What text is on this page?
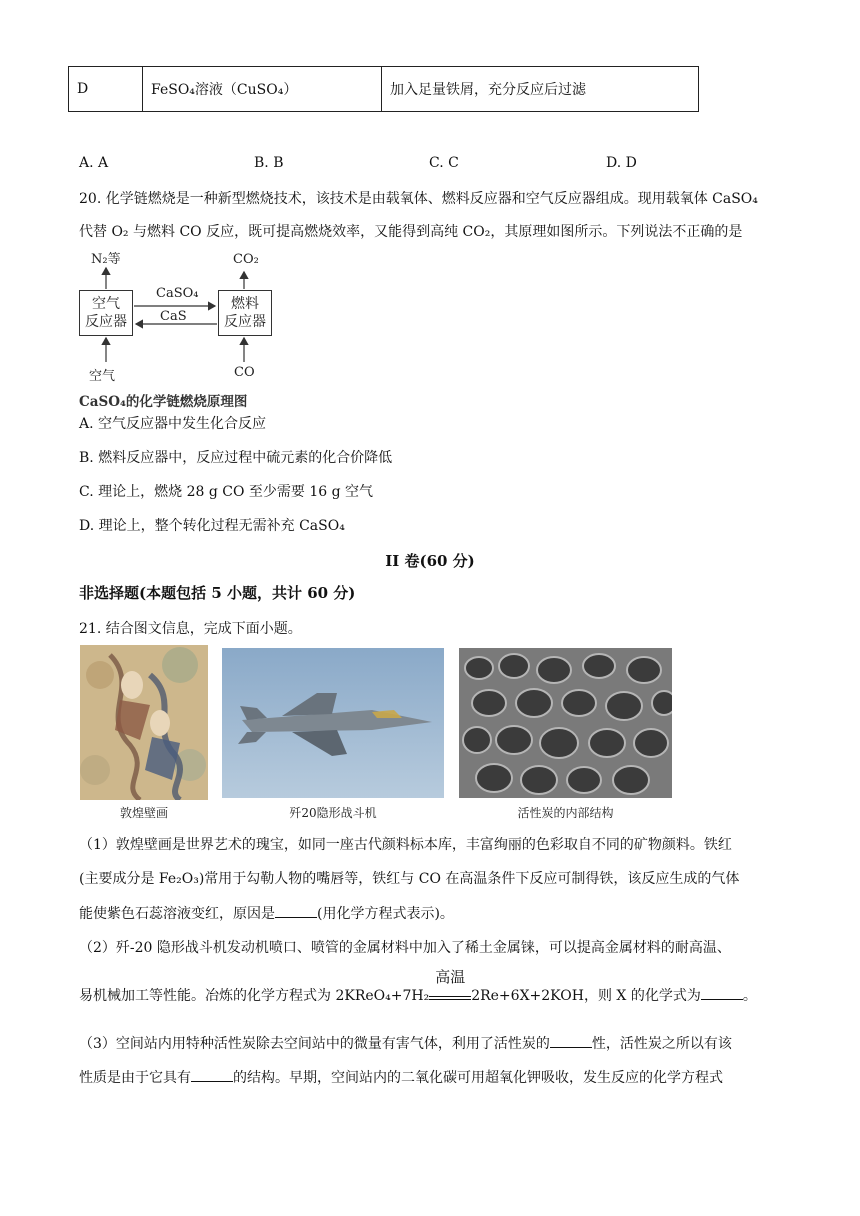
D	FeSO₄溶液（CuSO₄）	加入足量铁屑，充分反应后过滤
A. A	B. B	C. C	D. D
20. 化学链燃烧是一种新型燃烧技术，该技术是由载氧体、燃料反应器和空气反应器组成。现用载氧体 CaSO₄
代替 O₂ 与燃料 CO 反应，既可提高燃烧效率，又能得到高纯 CO₂，其原理如图所示。下列说法不正确的是
N₂等	CO₂
空气
反应器
燃料
反应器
CaSO₄
CaS
空气	CO
CaSO₄的化学链燃烧原理图
A. 空气反应器中发生化合反应
B. 燃料反应器中，反应过程中硫元素的化合价降低
C. 理论上，燃烧 28 g CO 至少需要 16 g 空气
D. 理论上，整个转化过程无需补充 CaSO₄
II 卷(60 分)
非选择题(本题包括 5 小题，共计 60 分)
21. 结合图文信息，完成下面小题。
敦煌壁画	歼20隐形战斗机	活性炭的内部结构
（1）敦煌壁画是世界艺术的瑰宝，如同一座古代颜料标本库，丰富绚丽的色彩取自不同的矿物颜料。铁红
(主要成分是 Fe₂O₃)常用于勾勒人物的嘴唇等，铁红与 CO 在高温条件下反应可制得铁，该反应生成的气体
能使紫色石蕊溶液变红，原因是	(用化学方程式表示)。
（2）歼-20 隐形战斗机发动机喷口、喷管的金属材料中加入了稀土金属铼，可以提高金属材料的耐高温、
易机械加工等性能。冶炼的化学方程式为 2KReO₄+7H₂
高温
2Re+6X+2KOH，则 X 的化学式为	。
（3）空间站内用特种活性炭除去空间站中的微量有害气体，利用了活性炭的	性，活性炭之所以有该
性质是由于它具有	的结构。早期，空间站内的二氧化碳可用超氧化钾吸收，发生反应的化学方程式
